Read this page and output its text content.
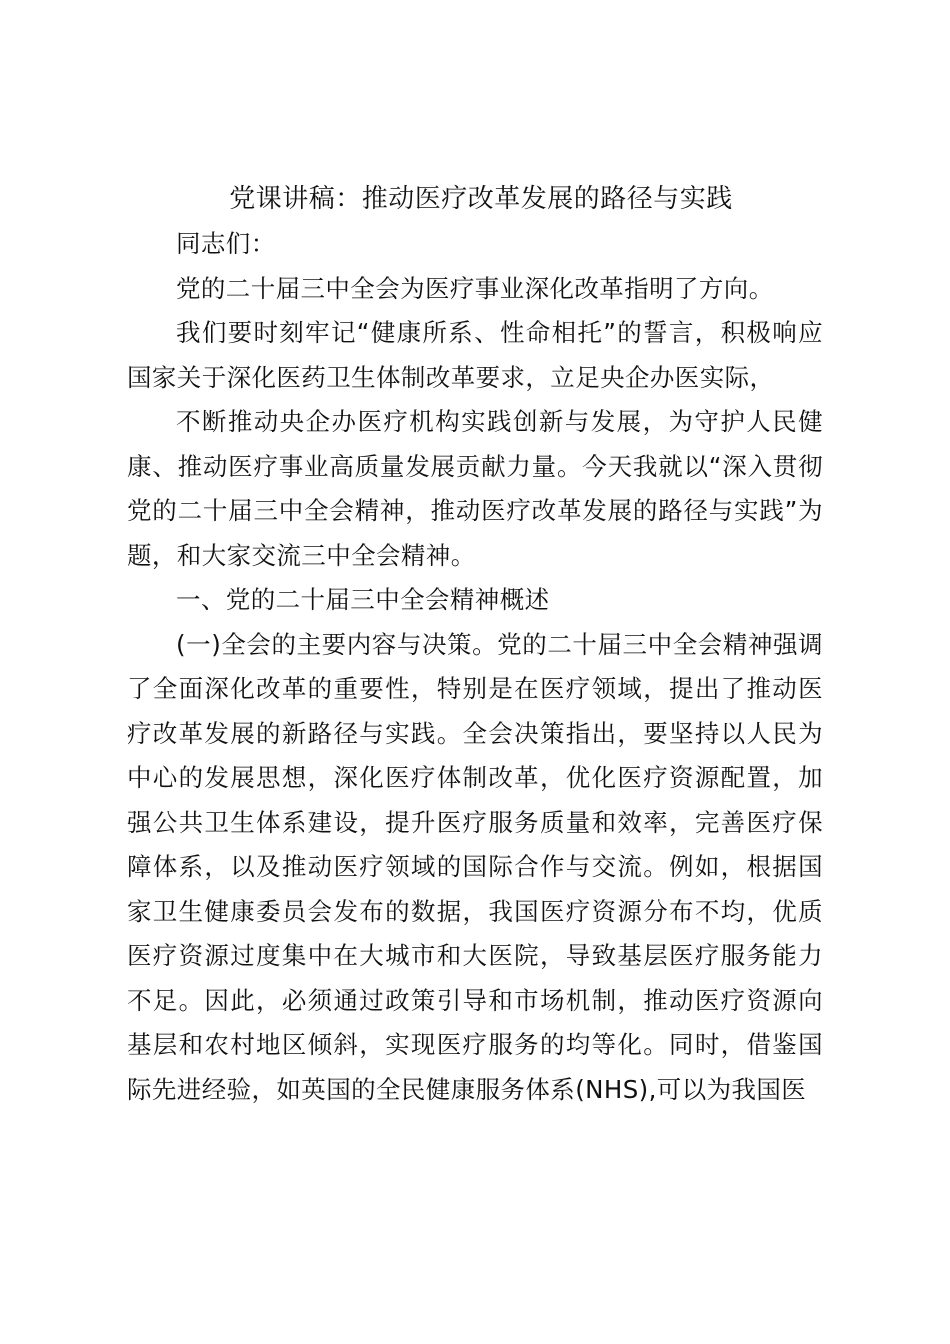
党课讲稿：推动医疗改革发展的路径与实践

同志们：

党的二十届三中全会为医疗事业深化改革指明了方向。

我们要时刻牢记“健康所系、性命相托”的誓言，积极响应国家关于深化医药卫生体制改革要求，立足央企办医实际，

不断推动央企办医疗机构实践创新与发展，为守护人民健康、推动医疗事业高质量发展贡献力量。今天我就以“深入贯彻党的二十届三中全会精神，推动医疗改革发展的路径与实践”为题，和大家交流三中全会精神。

一、党的二十届三中全会精神概述

(一)全会的主要内容与决策。党的二十届三中全会精神强调了全面深化改革的重要性，特别是在医疗领域，提出了推动医疗改革发展的新路径与实践。全会决策指出，要坚持以人民为中心的发展思想，深化医疗体制改革，优化医疗资源配置，加强公共卫生体系建设，提升医疗服务质量和效率，完善医疗保障体系，以及推动医疗领域的国际合作与交流。例如，根据国家卫生健康委员会发布的数据，我国医疗资源分布不均，优质医疗资源过度集中在大城市和大医院，导致基层医疗服务能力不足。因此，必须通过政策引导和市场机制，推动医疗资源向基层和农村地区倾斜，实现医疗服务的均等化。同时，借鉴国际先进经验，如英国的全民健康服务体系(NHS),可以为我国医
